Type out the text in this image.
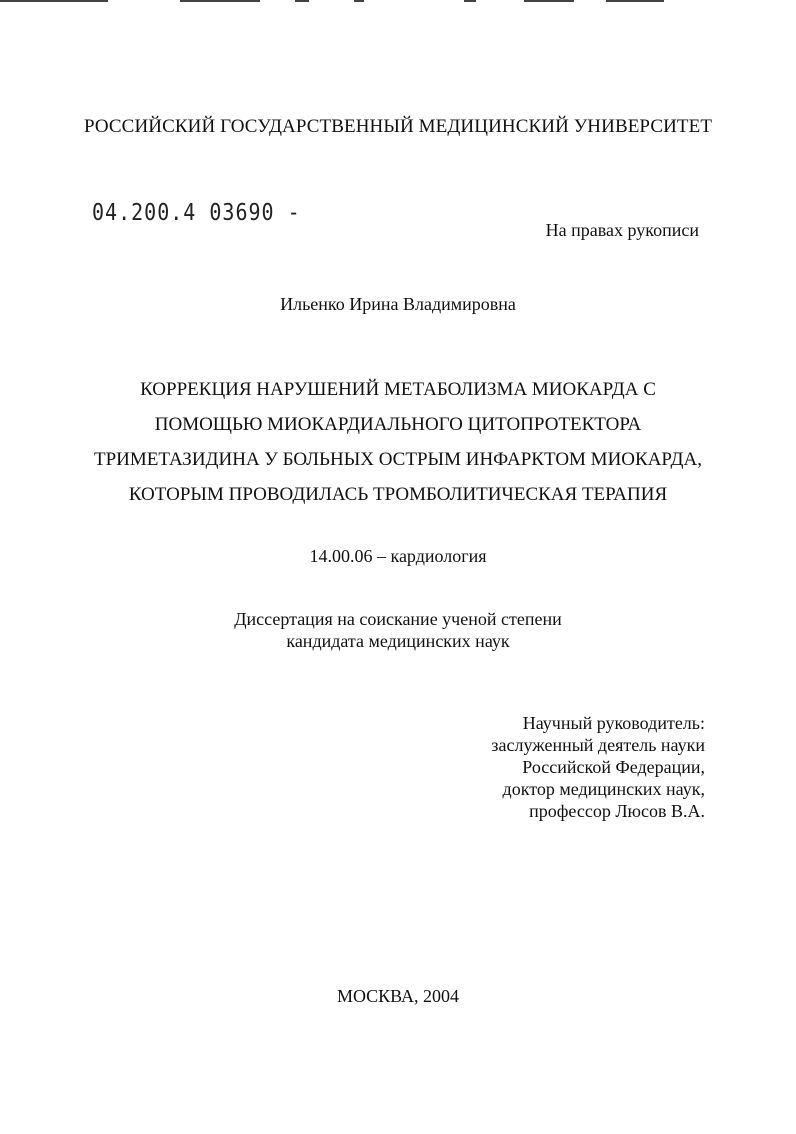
РОССИЙСКИЙ ГОСУДАРСТВЕННЫЙ МЕДИЦИНСКИЙ УНИВЕРСИТЕТ
04.200.4 03690 -
На правах рукописи
Ильенко Ирина Владимировна
КОРРЕКЦИЯ НАРУШЕНИЙ МЕТАБОЛИЗМА МИОКАРДА С
ПОМОЩЬЮ МИОКАРДИАЛЬНОГО ЦИТОПРОТЕКТОРА
ТРИМЕТАЗИДИНА У БОЛЬНЫХ ОСТРЫМ ИНФАРКТОМ МИОКАРДА,
КОТОРЫМ ПРОВОДИЛАСЬ ТРОМБОЛИТИЧЕСКАЯ ТЕРАПИЯ
14.00.06 – кардиология
Диссертация на соискание ученой степени
кандидата медицинских наук
Научный руководитель:
заслуженный деятель науки
Российской Федерации,
доктор медицинских наук,
профессор Люсов В.А.
МОСКВА, 2004
